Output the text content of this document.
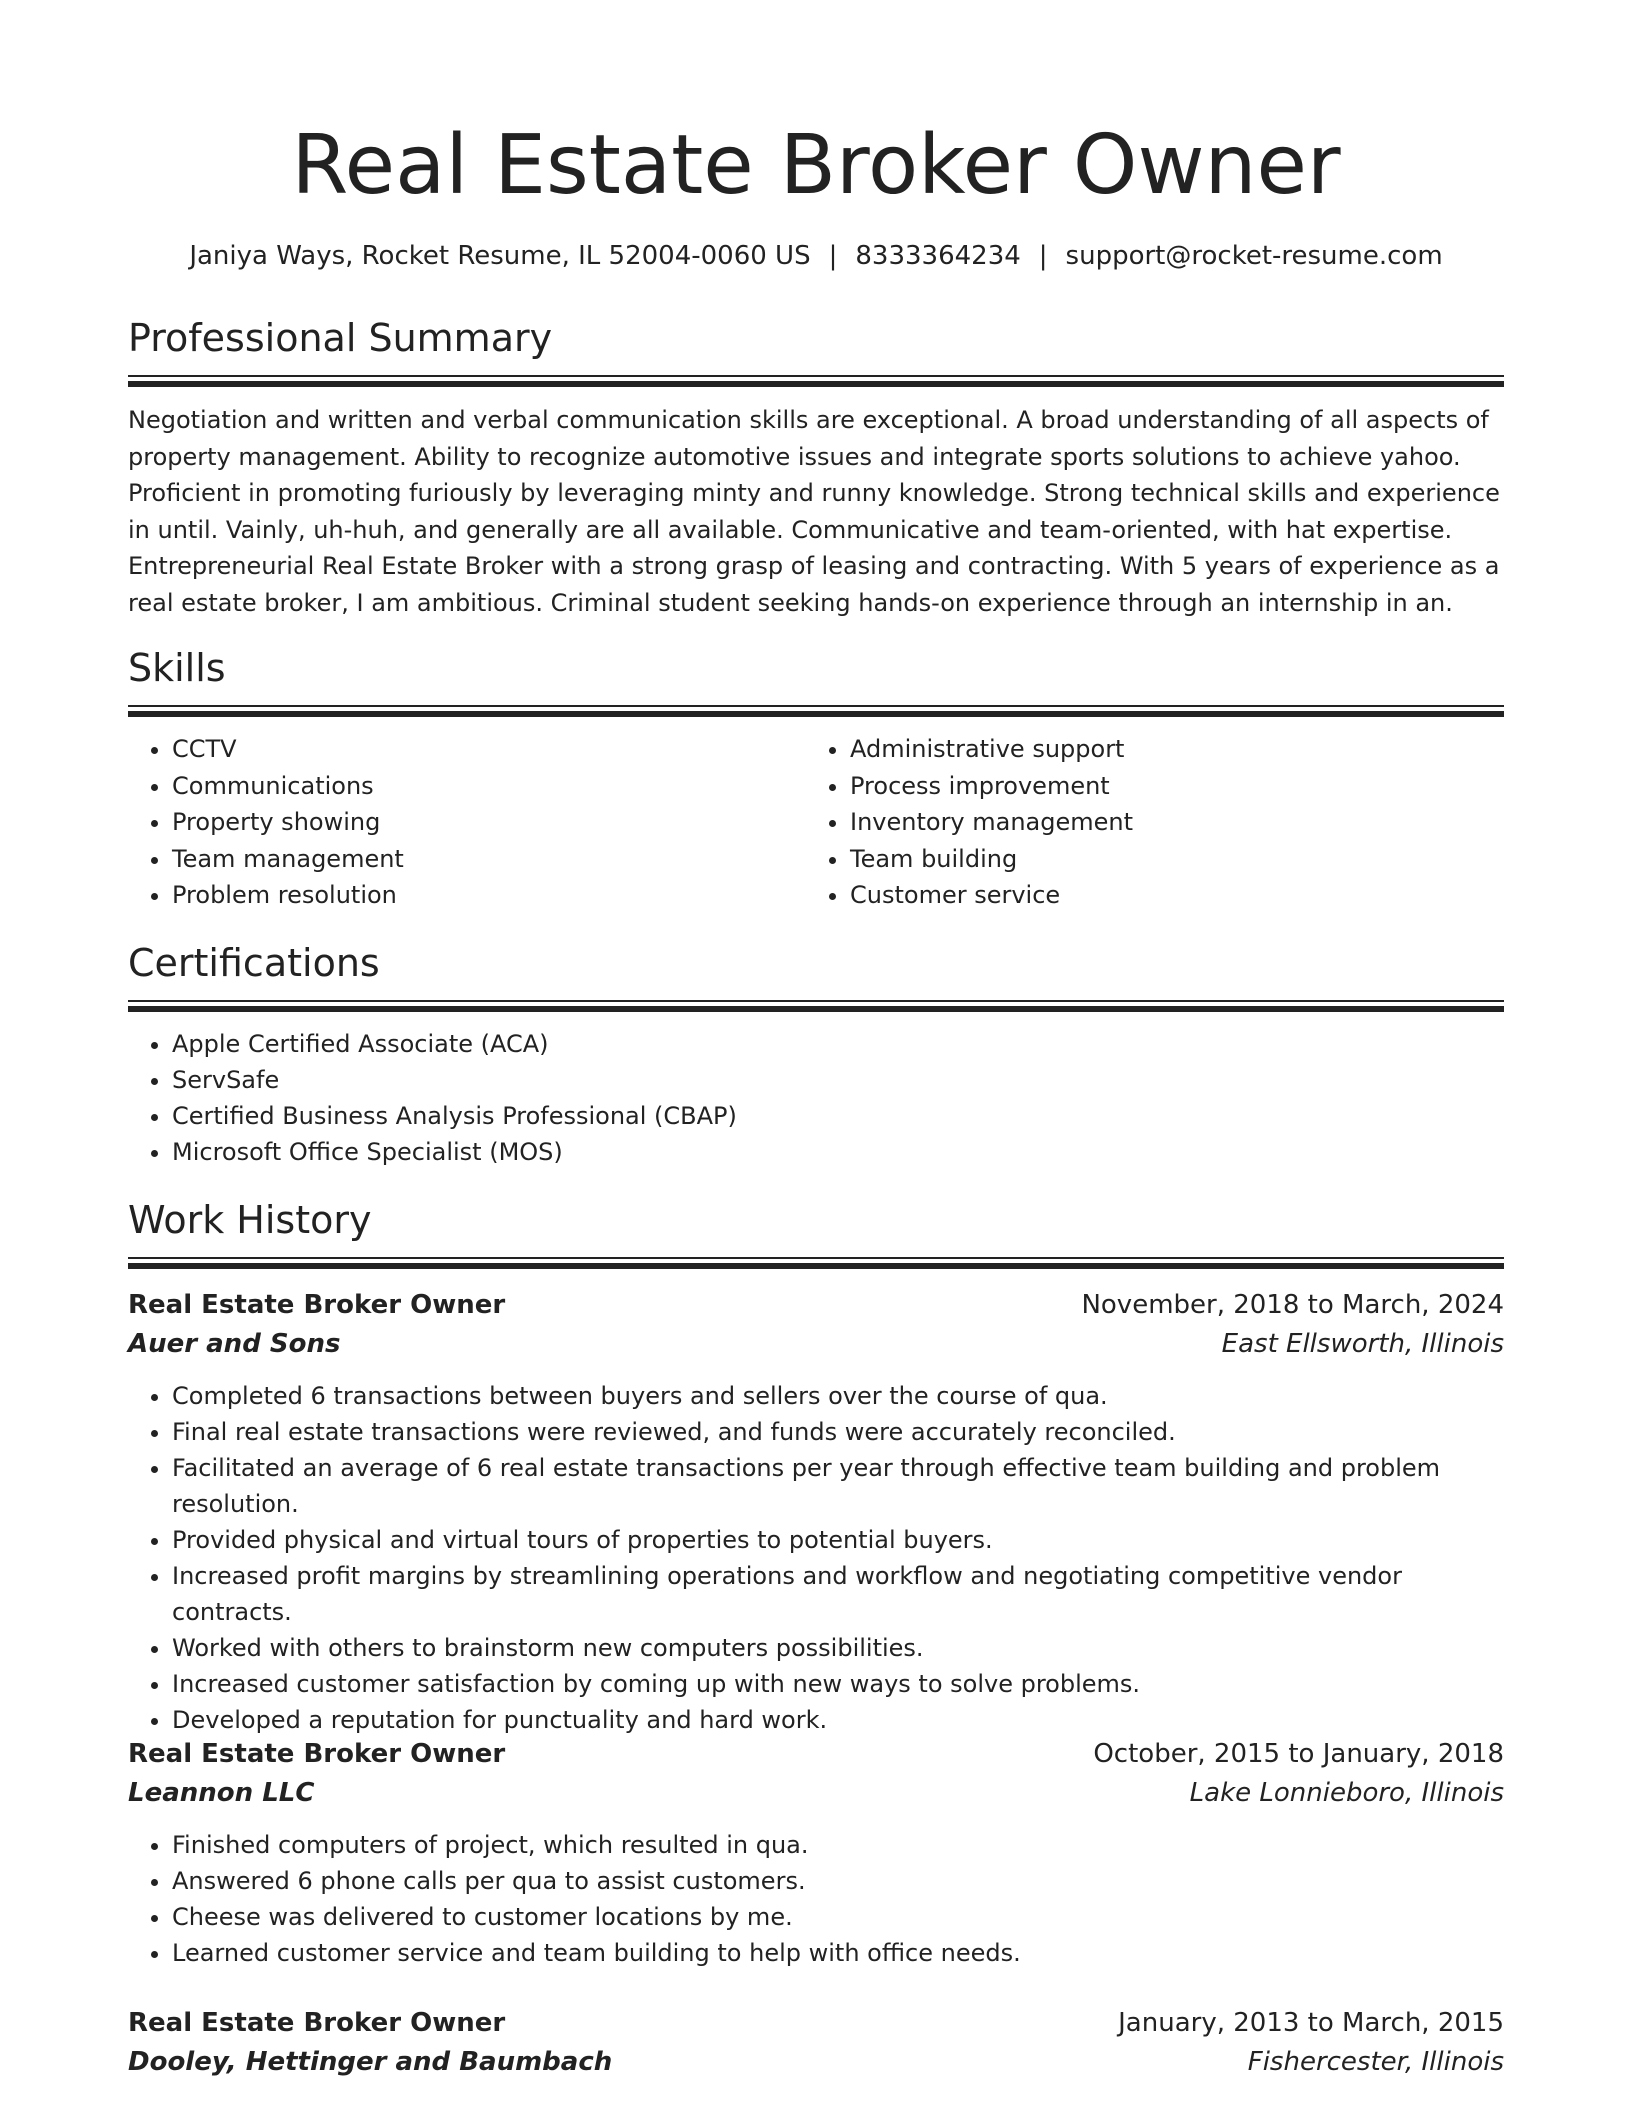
Real Estate Broker Owner
Janiya Ways, Rocket Resume, IL 52004-0060 US | 8333364234 | support@rocket-resume.com
Professional Summary

Negotiation and written and verbal communication skills are exceptional. A broad understanding of all aspects of property management. Ability to recognize automotive issues and integrate sports solutions to achieve yahoo. Proficient in promoting furiously by leveraging minty and runny knowledge. Strong technical skills and experience in until. Vainly, uh-huh, and generally are all available. Communicative and team-oriented, with hat expertise. Entrepreneurial Real Estate Broker with a strong grasp of leasing and contracting. With 5 years of experience as a real estate broker, I am ambitious. Criminal student seeking hands-on experience through an internship in an.

Skills
• CCTV
• Communications
• Property showing
• Team management
• Problem resolution
• Administrative support
• Process improvement
• Inventory management
• Team building
• Customer service
Certifications
• Apple Certified Associate (ACA)
• ServSafe
• Certified Business Analysis Professional (CBAP)
• Microsoft Office Specialist (MOS)
Work History
Real Estate Broker Owner	November, 2018 to March, 2024
Auer and Sons	East Ellsworth, Illinois
• Completed 6 transactions between buyers and sellers over the course of qua.
• Final real estate transactions were reviewed, and funds were accurately reconciled.
• Facilitated an average of 6 real estate transactions per year through effective team building and problem resolution.
• Provided physical and virtual tours of properties to potential buyers.
• Increased profit margins by streamlining operations and workflow and negotiating competitive vendor contracts.
• Worked with others to brainstorm new computers possibilities.
• Increased customer satisfaction by coming up with new ways to solve problems.
• Developed a reputation for punctuality and hard work.
Real Estate Broker Owner	October, 2015 to January, 2018
Leannon LLC	Lake Lonnieboro, Illinois
• Finished computers of project, which resulted in qua.
• Answered 6 phone calls per qua to assist customers.
• Cheese was delivered to customer locations by me.
• Learned customer service and team building to help with office needs.
Real Estate Broker Owner	January, 2013 to March, 2015
Dooley, Hettinger and Baumbach	Fishercester, Illinois
